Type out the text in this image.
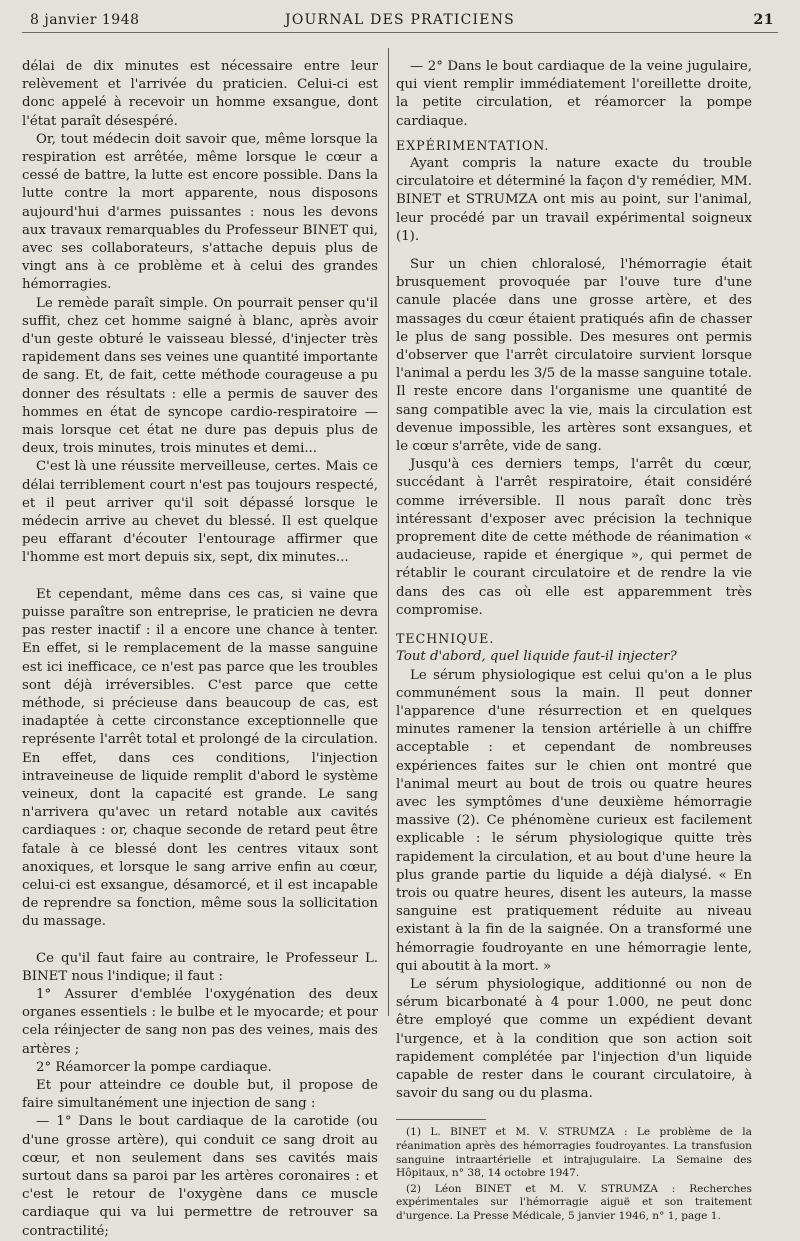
8 janvier 1948	JOURNAL DES PRATICIENS	21

délai de dix minutes est nécessaire entre leur relèvement et l'arrivée du praticien. Celui-ci est donc appelé à recevoir un homme exsangue, dont l'état paraît désespéré.

Or, tout médecin doit savoir que, même lorsque la respiration est arrêtée, même lorsque le cœur a cessé de battre, la lutte est encore possible. Dans la lutte contre la mort apparente, nous disposons aujourd'hui d'armes puissantes : nous les devons aux travaux remarquables du Professeur BINET qui, avec ses collaborateurs, s'attache depuis plus de vingt ans à ce problème et à celui des grandes hémorragies.

Le remède paraît simple. On pourrait penser qu'il suffit, chez cet homme saigné à blanc, après avoir d'un geste obturé le vaisseau blessé, d'injecter très rapidement dans ses veines une quantité importante de sang. Et, de fait, cette méthode courageuse a pu donner des résultats : elle a permis de sauver des hommes en état de syncope cardio-respiratoire — mais lorsque cet état ne dure pas depuis plus de deux, trois minutes, trois minutes et demi...

C'est là une réussite merveilleuse, certes. Mais ce délai terriblement court n'est pas toujours respecté, et il peut arriver qu'il soit dépassé lorsque le médecin arrive au chevet du blessé. Il est quelque peu effarant d'écouter l'entourage affirmer que l'homme est mort depuis six, sept, dix minutes...

Et cependant, même dans ces cas, si vaine que puisse paraître son entreprise, le praticien ne devra pas rester inactif : il a encore une chance à tenter. En effet, si le remplacement de la masse sanguine est ici inefficace, ce n'est pas parce que les troubles sont déjà irréversibles. C'est parce que cette méthode, si précieuse dans beaucoup de cas, est inadaptée à cette circonstance exceptionnelle que représente l'arrêt total et prolongé de la circulation. En effet, dans ces conditions, l'injection intraveineuse de liquide remplit d'abord le système veineux, dont la capacité est grande. Le sang n'arrivera qu'avec un retard notable aux cavités cardiaques : or, chaque seconde de retard peut être fatale à ce blessé dont les centres vitaux sont anoxiques, et lorsque le sang arrive enfin au cœur, celui-ci est exsangue, désamorcé, et il est incapable de reprendre sa fonction, même sous la sollicitation du massage.

Ce qu'il faut faire au contraire, le Professeur L. BINET nous l'indique; il faut :

1° Assurer d'emblée l'oxygénation des deux organes essentiels : le bulbe et le myocarde; et pour cela réinjecter de sang non pas des veines, mais des artères ;

2° Réamorcer la pompe cardiaque.

Et pour atteindre ce double but, il propose de faire simultanément une injection de sang :

— 1° Dans le bout cardiaque de la carotide (ou d'une grosse artère), qui conduit ce sang droit au cœur, et non seulement dans ses cavités mais surtout dans sa paroi par les artères coronaires : et c'est le retour de l'oxygène dans ce muscle cardiaque qui va lui permettre de retrouver sa contractilité;

— 2° Dans le bout cardiaque de la veine jugulaire, qui vient remplir immédiatement l'oreillette droite, la petite circulation, et réamorcer la pompe cardiaque.

EXPÉRIMENTATION.

Ayant compris la nature exacte du trouble circulatoire et déterminé la façon d'y remédier, MM. BINET et STRUMZA ont mis au point, sur l'animal, leur procédé par un travail expérimental soigneux (1).

Sur un chien chloralosé, l'hémorragie était brusquement provoquée par l'ouve ture d'une canule placée dans une grosse artère, et des massages du cœur étaient pratiqués afin de chasser le plus de sang possible. Des mesures ont permis d'observer que l'arrêt circulatoire survient lorsque l'animal a perdu les 3/5 de la masse sanguine totale. Il reste encore dans l'organisme une quantité de sang compatible avec la vie, mais la circulation est devenue impossible, les artères sont exsangues, et le cœur s'arrête, vide de sang.

Jusqu'à ces derniers temps, l'arrêt du cœur, succédant à l'arrêt respiratoire, était considéré comme irréversible. Il nous paraît donc très intéressant d'exposer avec précision la technique proprement dite de cette méthode de réanimation « audacieuse, rapide et énergique », qui permet de rétablir le courant circulatoire et de rendre la vie dans des cas où elle est apparemment très compromise.

TECHNIQUE.

Tout d'abord, quel liquide faut-il injecter?

Le sérum physiologique est celui qu'on a le plus communément sous la main. Il peut donner l'apparence d'une résurrection et en quelques minutes ramener la tension artérielle à un chiffre acceptable : et cependant de nombreuses expériences faites sur le chien ont montré que l'animal meurt au bout de trois ou quatre heures avec les symptômes d'une deuxième hémorragie massive (2). Ce phénomène curieux est facilement explicable : le sérum physiologique quitte très rapidement la circulation, et au bout d'une heure la plus grande partie du liquide a déjà dialysé. « En trois ou quatre heures, disent les auteurs, la masse sanguine est pratiquement réduite au niveau existant à la fin de la saignée. On a transformé une hémorragie foudroyante en une hémorragie lente, qui aboutit à la mort. »

Le sérum physiologique, additionné ou non de sérum bicarbonaté à 4 pour 1.000, ne peut donc être employé que comme un expédient devant l'urgence, et à la condition que son action soit rapidement complétée par l'injection d'un liquide capable de rester dans le courant circulatoire, à savoir du sang ou du plasma.

(1) L. BINET et M. V. STRUMZA : Le problème de la réanimation après des hémorragies foudroyantes. La transfusion sanguine intraartérielle et intrajugulaire. La Semaine des Hôpitaux, n° 38, 14 octobre 1947.

(2) Léon BINET et M. V. STRUMZA : Recherches expérimentales sur l'hémorragie aiguë et son traitement d'urgence. La Presse Médicale, 5 janvier 1946, n° 1, page 1.
